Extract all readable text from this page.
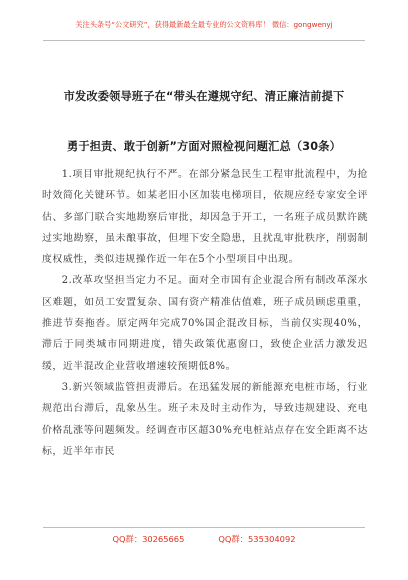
关注头条号“公文研究”，获得最新最全最专业的公文资料库！ 微信：gongwenyj
市发改委领导班子在“带头在遵规守纪、清正廉洁前提下
勇于担责、敢于创新”方面对照检视问题汇总（30条）

1.项目审批规纪执行不严。在部分紧急民生工程审批流程中，为抢时效简化关键环节。如某老旧小区加装电梯项目，依规应经专家安全评估、多部门联合实地勘察后审批，却因急于开工，一名班子成员默许跳过实地勘察，虽未酿事故，但埋下安全隐患，且扰乱审批秩序，削弱制度权威性，类似违规操作近一年在5个小型项目中出现。

2.改革攻坚担当定力不足。面对全市国有企业混合所有制改革深水区难题，如员工安置复杂、国有资产精准估值难，班子成员顾虑重重，推进节奏拖沓。原定两年完成70%国企混改目标，当前仅实现40%，滞后于同类城市同期进度，错失政策优惠窗口，致使企业活力激发迟缓，近半混改企业营收增速较预期低8%。

3.新兴领域监管担责滞后。在迅猛发展的新能源充电桩市场，行业规范出台滞后，乱象丛生。班子未及时主动作为，导致违规建设、充电价格乱涨等问题频发。经调查市区超30%充电桩站点存在安全距离不达标，近半年市民

QQ群：30265665	QQ群：535304092
